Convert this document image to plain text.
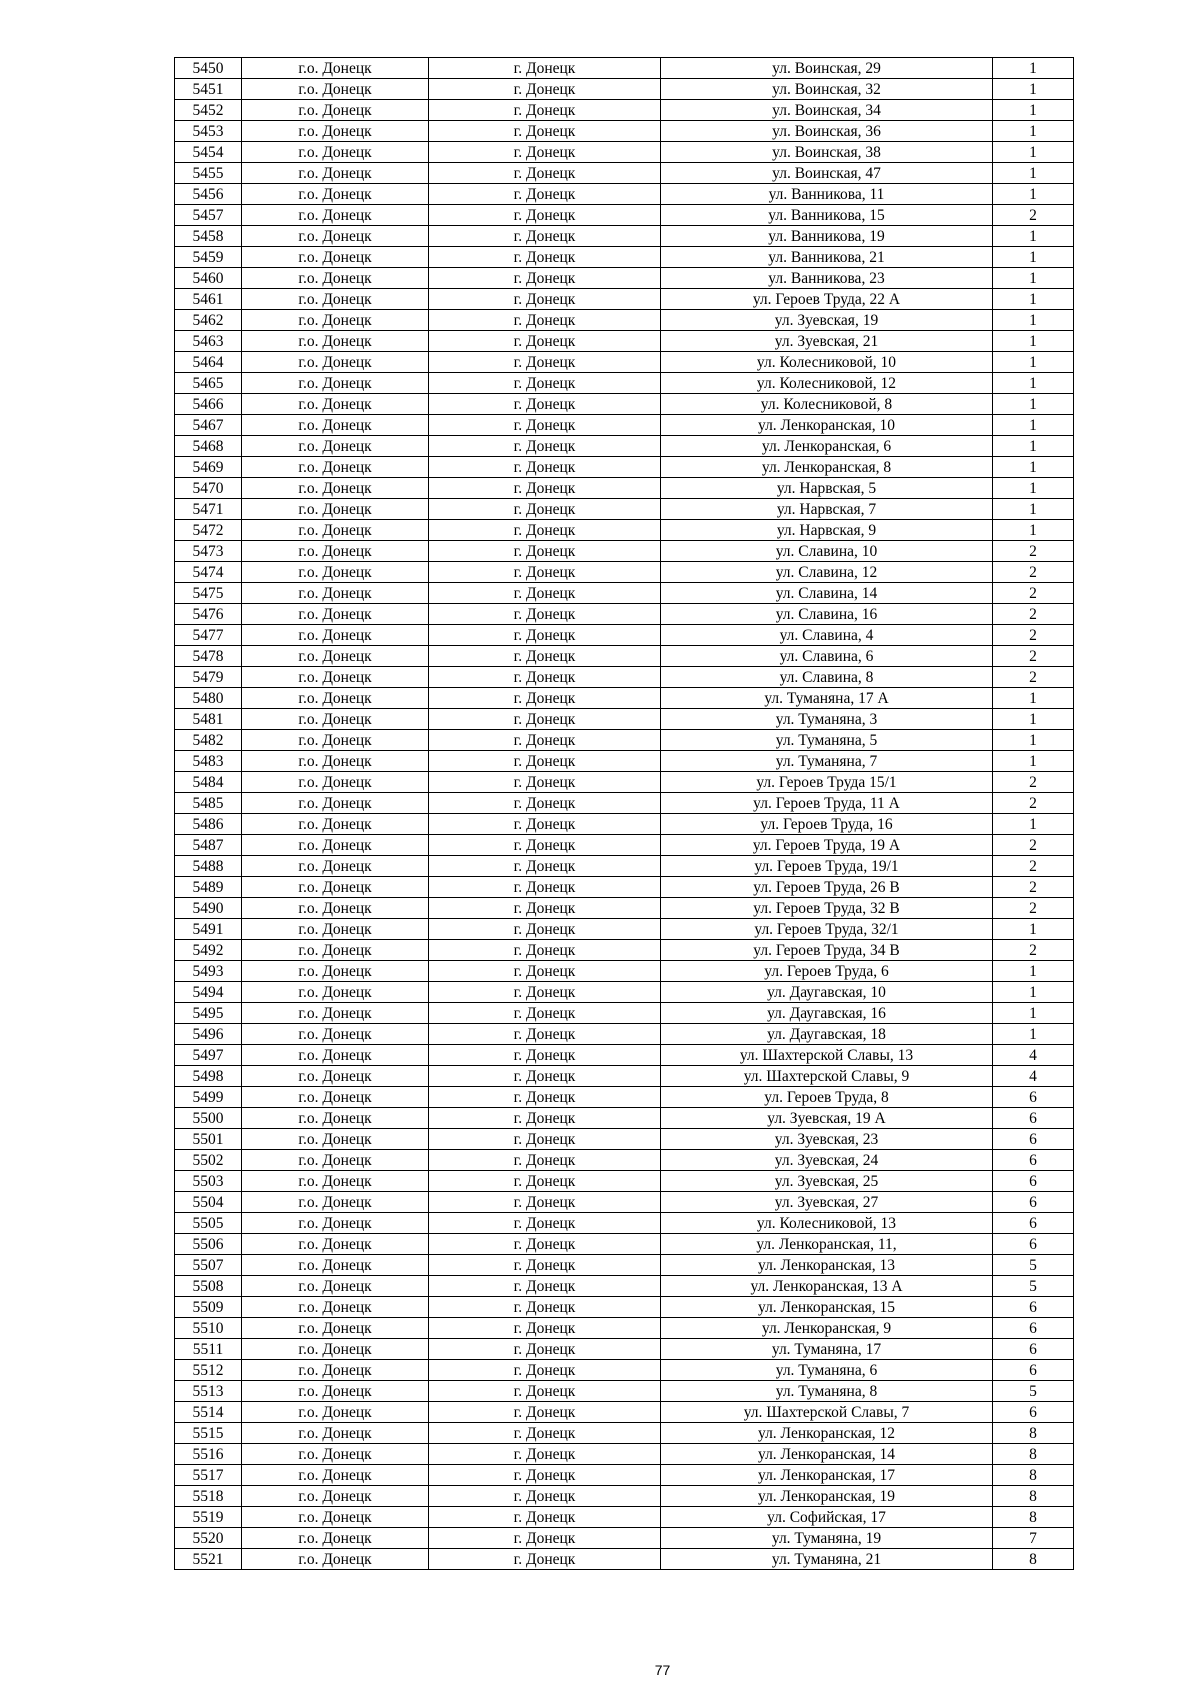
5450	г.о. Донецк	г. Донецк	ул. Воинская, 29	1
5451	г.о. Донецк	г. Донецк	ул. Воинская, 32	1
5452	г.о. Донецк	г. Донецк	ул. Воинская, 34	1
5453	г.о. Донецк	г. Донецк	ул. Воинская, 36	1
5454	г.о. Донецк	г. Донецк	ул. Воинская, 38	1
5455	г.о. Донецк	г. Донецк	ул. Воинская, 47	1
5456	г.о. Донецк	г. Донецк	ул. Ванникова, 11	1
5457	г.о. Донецк	г. Донецк	ул. Ванникова, 15	2
5458	г.о. Донецк	г. Донецк	ул. Ванникова, 19	1
5459	г.о. Донецк	г. Донецк	ул. Ванникова, 21	1
5460	г.о. Донецк	г. Донецк	ул. Ванникова, 23	1
5461	г.о. Донецк	г. Донецк	ул. Героев Труда, 22 А	1
5462	г.о. Донецк	г. Донецк	ул. Зуевская, 19	1
5463	г.о. Донецк	г. Донецк	ул. Зуевская, 21	1
5464	г.о. Донецк	г. Донецк	ул. Колесниковой, 10	1
5465	г.о. Донецк	г. Донецк	ул. Колесниковой, 12	1
5466	г.о. Донецк	г. Донецк	ул. Колесниковой, 8	1
5467	г.о. Донецк	г. Донецк	ул. Ленкоранская, 10	1
5468	г.о. Донецк	г. Донецк	ул. Ленкоранская, 6	1
5469	г.о. Донецк	г. Донецк	ул. Ленкоранская, 8	1
5470	г.о. Донецк	г. Донецк	ул. Нарвская, 5	1
5471	г.о. Донецк	г. Донецк	ул. Нарвская, 7	1
5472	г.о. Донецк	г. Донецк	ул. Нарвская, 9	1
5473	г.о. Донецк	г. Донецк	ул. Славина, 10	2
5474	г.о. Донецк	г. Донецк	ул. Славина, 12	2
5475	г.о. Донецк	г. Донецк	ул. Славина, 14	2
5476	г.о. Донецк	г. Донецк	ул. Славина, 16	2
5477	г.о. Донецк	г. Донецк	ул. Славина, 4	2
5478	г.о. Донецк	г. Донецк	ул. Славина, 6	2
5479	г.о. Донецк	г. Донецк	ул. Славина, 8	2
5480	г.о. Донецк	г. Донецк	ул. Туманяна, 17 А	1
5481	г.о. Донецк	г. Донецк	ул. Туманяна, 3	1
5482	г.о. Донецк	г. Донецк	ул. Туманяна, 5	1
5483	г.о. Донецк	г. Донецк	ул. Туманяна, 7	1
5484	г.о. Донецк	г. Донецк	ул. Героев Труда 15/1	2
5485	г.о. Донецк	г. Донецк	ул. Героев Труда, 11 А	2
5486	г.о. Донецк	г. Донецк	ул. Героев Труда, 16	1
5487	г.о. Донецк	г. Донецк	ул. Героев Труда, 19 А	2
5488	г.о. Донецк	г. Донецк	ул. Героев Труда, 19/1	2
5489	г.о. Донецк	г. Донецк	ул. Героев Труда, 26 В	2
5490	г.о. Донецк	г. Донецк	ул. Героев Труда, 32 В	2
5491	г.о. Донецк	г. Донецк	ул. Героев Труда, 32/1	1
5492	г.о. Донецк	г. Донецк	ул. Героев Труда, 34 В	2
5493	г.о. Донецк	г. Донецк	ул. Героев Труда, 6	1
5494	г.о. Донецк	г. Донецк	ул. Даугавская, 10	1
5495	г.о. Донецк	г. Донецк	ул. Даугавская, 16	1
5496	г.о. Донецк	г. Донецк	ул. Даугавская, 18	1
5497	г.о. Донецк	г. Донецк	ул. Шахтерской Славы, 13	4
5498	г.о. Донецк	г. Донецк	ул. Шахтерской Славы, 9	4
5499	г.о. Донецк	г. Донецк	ул. Героев Труда, 8	6
5500	г.о. Донецк	г. Донецк	ул. Зуевская, 19 А	6
5501	г.о. Донецк	г. Донецк	ул. Зуевская, 23	6
5502	г.о. Донецк	г. Донецк	ул. Зуевская, 24	6
5503	г.о. Донецк	г. Донецк	ул. Зуевская, 25	6
5504	г.о. Донецк	г. Донецк	ул. Зуевская, 27	6
5505	г.о. Донецк	г. Донецк	ул. Колесниковой, 13	6
5506	г.о. Донецк	г. Донецк	ул. Ленкоранская, 11,	6
5507	г.о. Донецк	г. Донецк	ул. Ленкоранская, 13	5
5508	г.о. Донецк	г. Донецк	ул. Ленкоранская, 13 А	5
5509	г.о. Донецк	г. Донецк	ул. Ленкоранская, 15	6
5510	г.о. Донецк	г. Донецк	ул. Ленкоранская, 9	6
5511	г.о. Донецк	г. Донецк	ул. Туманяна, 17	6
5512	г.о. Донецк	г. Донецк	ул. Туманяна, 6	6
5513	г.о. Донецк	г. Донецк	ул. Туманяна, 8	5
5514	г.о. Донецк	г. Донецк	ул. Шахтерской Славы, 7	6
5515	г.о. Донецк	г. Донецк	ул. Ленкоранская, 12	8
5516	г.о. Донецк	г. Донецк	ул. Ленкоранская, 14	8
5517	г.о. Донецк	г. Донецк	ул. Ленкоранская, 17	8
5518	г.о. Донецк	г. Донецк	ул. Ленкоранская, 19	8
5519	г.о. Донецк	г. Донецк	ул. Софийская, 17	8
5520	г.о. Донецк	г. Донецк	ул. Туманяна, 19	7
5521	г.о. Донецк	г. Донецк	ул. Туманяна, 21	8
77
